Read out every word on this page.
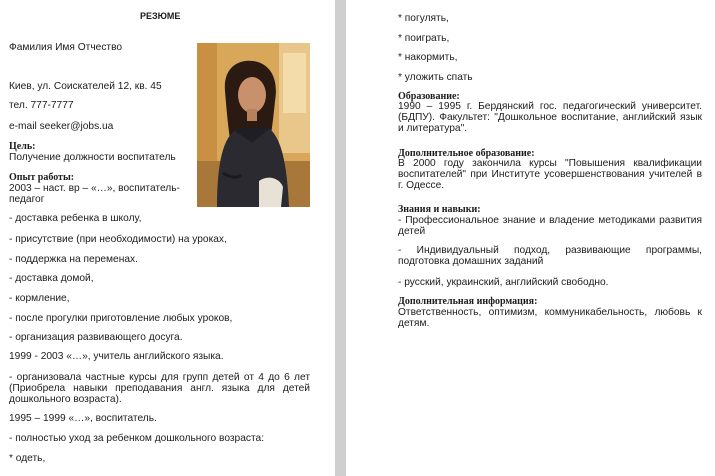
РЕЗЮМЕ
Фамилия Имя Отчество
Киев, ул. Соискателей 12, кв. 45
тел. 777-7777
e-mail seeker@jobs.ua
Цель:
Получение должности воспитатель
Опыт работы:
2003 – наст. вр – «…», воспитатель-педагог
- доставка ребенка в школу,
- присутствие (при необходимости) на уроках,
- поддержка на переменах.
- доставка домой,
- кормление,
- после прогулки приготовление любых уроков,
- организация развивающего досуга.
1999 - 2003 «…», учитель английского языка.
- организовала частные курсы для групп детей от 4 до 6 лет (Приобрела навыки преподавания англ. языка для детей дошкольного возраста).
1995 – 1999 «…», воспитатель.
- полностью уход за ребенком дошкольного возраста:
* одеть,
* погулять,
* поиграть,
* накормить,
* уложить спать
Образование:
1990 – 1995 г. Бердянский гос. педагогический университет. (БДПУ). Факультет: "Дошкольное воспитание, английский язык и литература".
Дополнительное образование:
В 2000 году закончила курсы "Повышения квалификации воспитателей" при Институте усовершенствования учителей в г. Одессе.
Знания и навыки:
- Профессиональное знание и владение методиками развития детей
- Индивидуальный подход, развивающие программы, подготовка домашних заданий
- русский, украинский, английский свободно.
Дополнительная информация:
Ответственность, оптимизм, коммуникабельность, любовь к детям.
